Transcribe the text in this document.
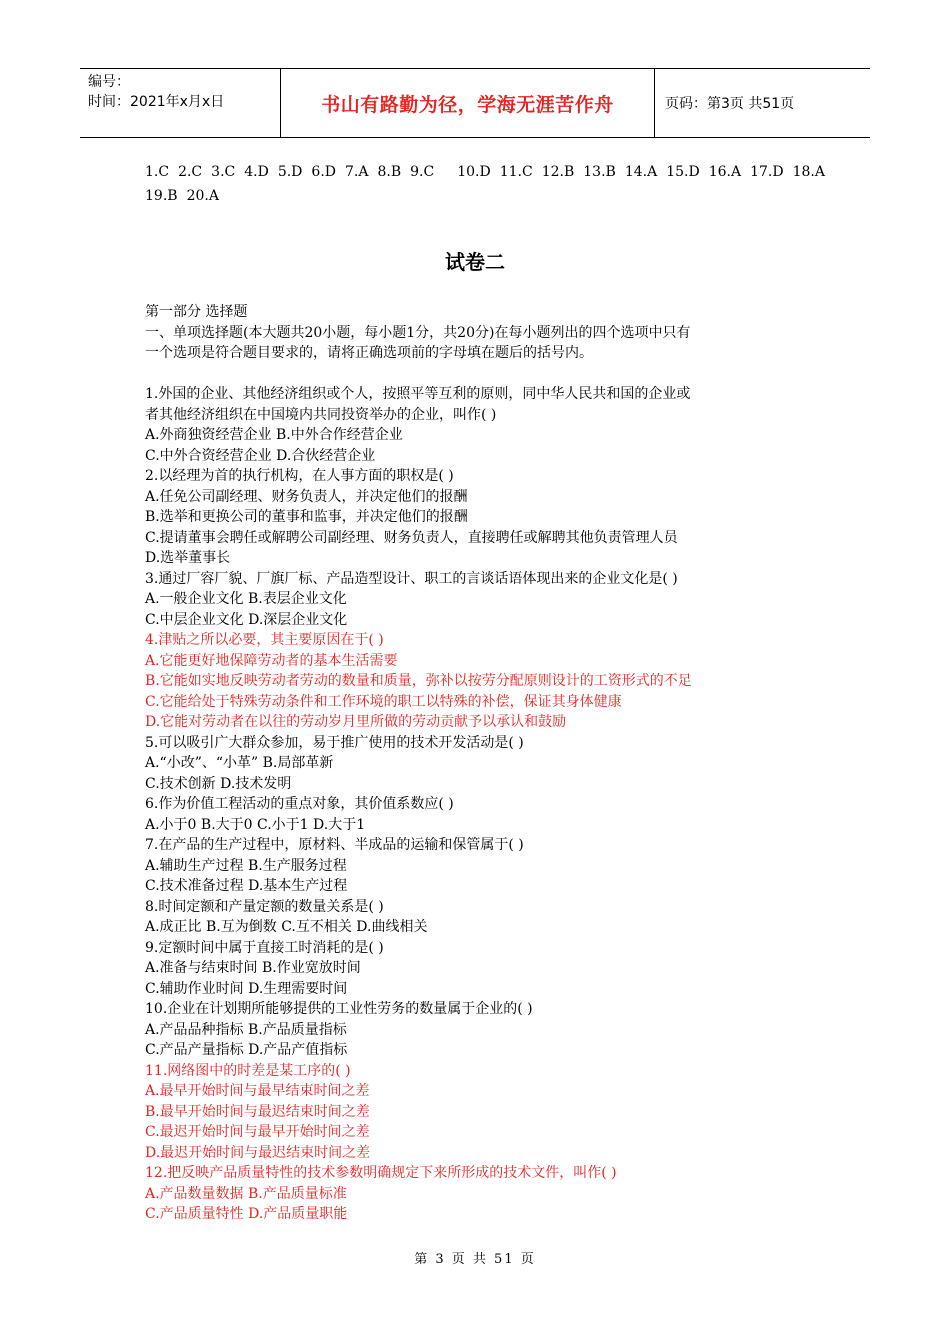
编号：
时间：2021年x月x日	书山有路勤为径，学海无涯苦作舟	页码：第3页 共51页
1.C 2.C 3.C 4.D 5.D 6.D 7.A 8.B 9.C 10.D 11.C 12.B 13.B 14.A 15.D 16.A 17.D 18.A19.B 20.A
试卷二
第一部分 选择题
一、单项选择题(本大题共20小题，每小题1分，共20分)在每小题列出的四个选项中只有
一个选项是符合题目要求的，请将正确选项前的字母填在题后的括号内。
1.外国的企业、其他经济组织或个人，按照平等互利的原则，同中华人民共和国的企业或
者其他经济组织在中国境内共同投资举办的企业，叫作( )
A.外商独资经营企业 B.中外合作经营企业
C.中外合资经营企业 D.合伙经营企业
2.以经理为首的执行机构，在人事方面的职权是( )
A.任免公司副经理、财务负责人，并决定他们的报酬
B.选举和更换公司的董事和监事，并决定他们的报酬
C.提请董事会聘任或解聘公司副经理、财务负责人，直接聘任或解聘其他负责管理人员
D.选举董事长
3.通过厂容厂貌、厂旗厂标、产品造型设计、职工的言谈话语体现出来的企业文化是( )
A.一般企业文化 B.表层企业文化
C.中层企业文化 D.深层企业文化
4.津贴之所以必要，其主要原因在于( )
A.它能更好地保障劳动者的基本生活需要
B.它能如实地反映劳动者劳动的数量和质量，弥补以按劳分配原则设计的工资形式的不足
C.它能给处于特殊劳动条件和工作环境的职工以特殊的补偿，保证其身体健康
D.它能对劳动者在以往的劳动岁月里所做的劳动贡献予以承认和鼓励
5.可以吸引广大群众参加，易于推广使用的技术开发活动是( )
A.“小改”、“小革” B.局部革新
C.技术创新 D.技术发明
6.作为价值工程活动的重点对象，其价值系数应( )
A.小于0 B.大于0 C.小于1 D.大于1
7.在产品的生产过程中，原材料、半成品的运输和保管属于( )
A.辅助生产过程 B.生产服务过程
C.技术准备过程 D.基本生产过程
8.时间定额和产量定额的数量关系是( )
A.成正比 B.互为倒数 C.互不相关 D.曲线相关
9.定额时间中属于直接工时消耗的是( )
A.准备与结束时间 B.作业宽放时间
C.辅助作业时间 D.生理需要时间
10.企业在计划期所能够提供的工业性劳务的数量属于企业的( )
A.产品品种指标 B.产品质量指标
C.产品产量指标 D.产品产值指标
11.网络图中的时差是某工序的( )
A.最早开始时间与最早结束时间之差
B.最早开始时间与最迟结束时间之差
C.最迟开始时间与最早开始时间之差
D.最迟开始时间与最迟结束时间之差
12.把反映产品质量特性的技术参数明确规定下来所形成的技术文件，叫作( )
A.产品数量数据 B.产品质量标准
C.产品质量特性 D.产品质量职能
第 3 页 共 51 页
